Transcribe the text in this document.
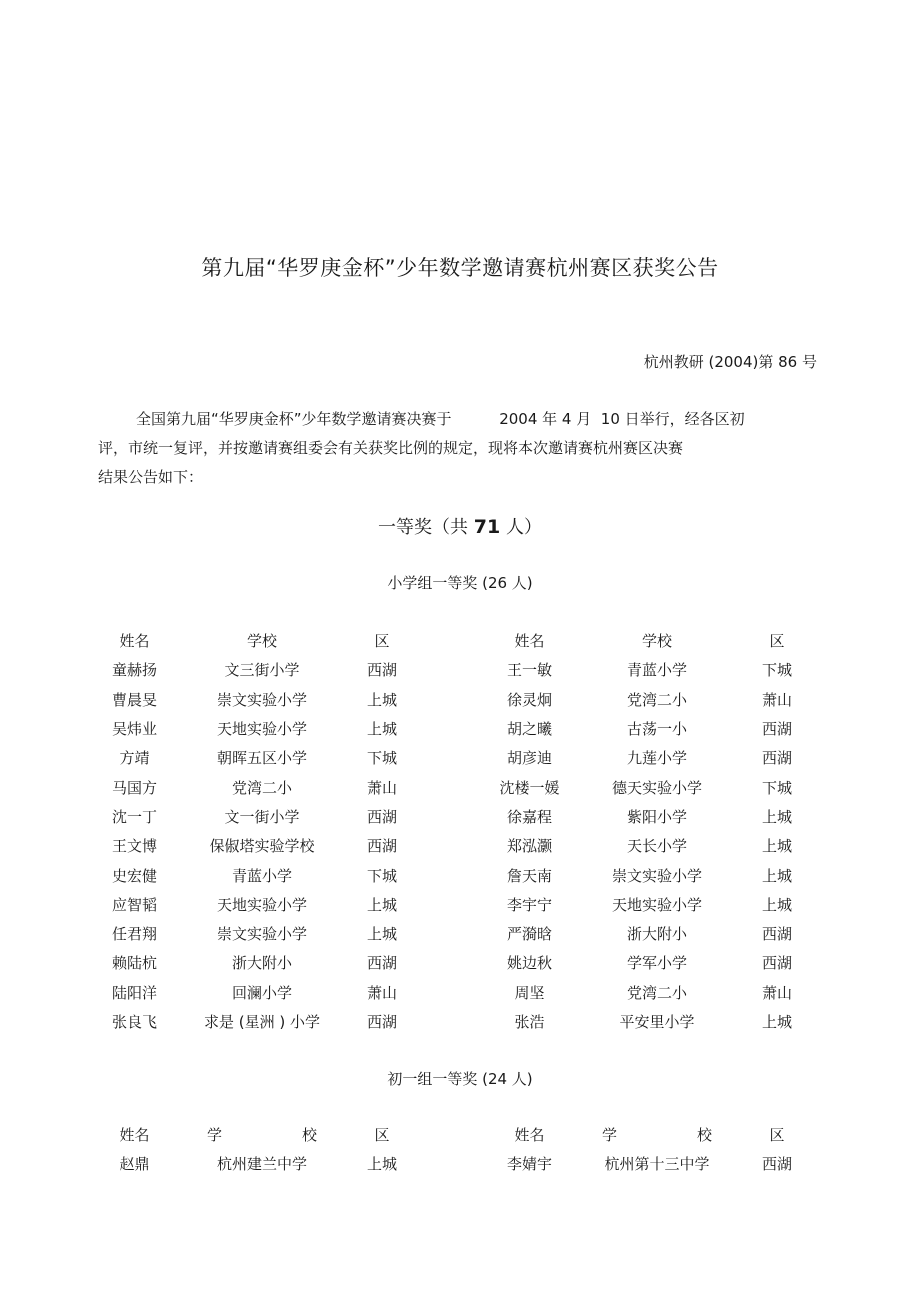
第九届“华罗庚金杯”少年数学邀请赛杭州赛区获奖公告
杭州教研 (2004)第 86 号

全国第九届“华罗庚金杯”少年数学邀请赛决赛于          2004 年 4 月  10 日举行，经各区初

评，市统一复评，并按邀请赛组委会有关获奖比例的规定，现将本次邀请赛杭州赛区决赛

结果公告如下：

一等奖（共 71 人）
小学组一等奖 (26 人)
姓名	学校	区		姓名	学校	区
童赫扬	文三街小学	西湖		王一敏	青蓝小学	下城
曹晨旻	崇文实验小学	上城		徐灵炯	党湾二小	萧山
吴炜业	天地实验小学	上城		胡之曦	古荡一小	西湖
方靖	朝晖五区小学	下城		胡彦迪	九莲小学	西湖
马国方	党湾二小	萧山		沈楼一媛	德天实验小学	下城
沈一丁	文一街小学	西湖		徐嘉程	紫阳小学	上城
王文博	保俶塔实验学校	西湖		郑泓灏	天长小学	上城
史宏健	青蓝小学	下城		詹天南	崇文实验小学	上城
应智韬	天地实验小学	上城		李宇宁	天地实验小学	上城
任君翔	崇文实验小学	上城		严漪晗	浙大附小	西湖
赖陆杭	浙大附小	西湖		姚边秋	学军小学	西湖
陆阳洋	回澜小学	萧山		周坚	党湾二小	萧山
张良飞	求是 (星洲 ) 小学	西湖		张浩	平安里小学	上城
初一组一等奖 (24 人)
姓名	学 校	区		姓名	学 校	区
赵鼎	杭州建兰中学	上城		李婧宇	杭州第十三中学	西湖
